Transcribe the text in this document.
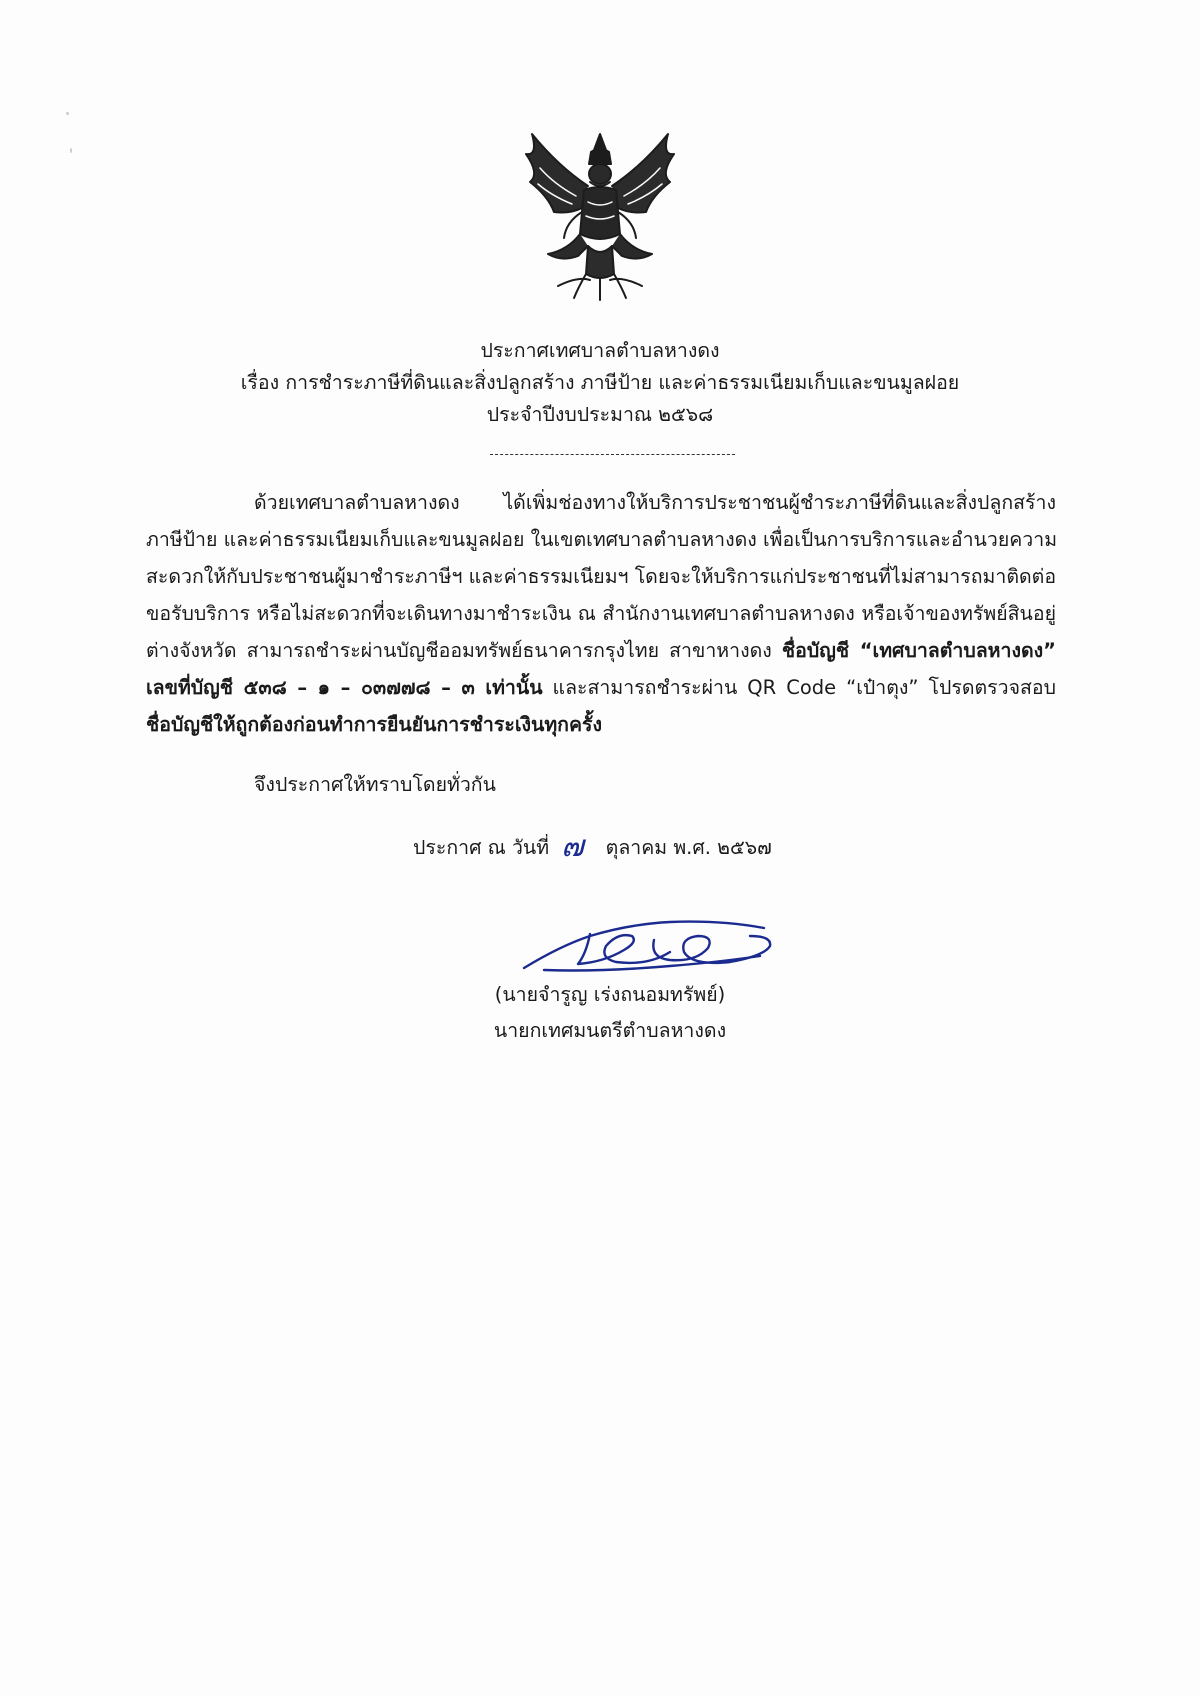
ประกาศเทศบาลตำบลหางดง
เรื่อง การชำระภาษีที่ดินและสิ่งปลูกสร้าง ภาษีป้าย และค่าธรรมเนียมเก็บและขนมูลฝอย
ประจำปีงบประมาณ ๒๕๖๘
ด้วยเทศบาลตำบลหางดง ได้เพิ่มช่องทางให้บริการประชาชนผู้ชำระภาษีที่ดินและสิ่งปลูกสร้าง
ภาษีป้าย และค่าธรรมเนียมเก็บและขนมูลฝอย ในเขตเทศบาลตำบลหางดง เพื่อเป็นการบริการและอำนวยความ
สะดวกให้กับประชาชนผู้มาชำระภาษีฯ และค่าธรรมเนียมฯ โดยจะให้บริการแก่ประชาชนที่ไม่สามารถมาติดต่อ
ขอรับบริการ หรือไม่สะดวกที่จะเดินทางมาชำระเงิน ณ สำนักงานเทศบาลตำบลหางดง หรือเจ้าของทรัพย์สินอยู่
ต่างจังหวัด สามารถชำระผ่านบัญชีออมทรัพย์ธนาคารกรุงไทย สาขาหางดง ชื่อบัญชี “เทศบาลตำบลหางดง”
เลขที่บัญชี ๕๓๘ – ๑ – ๐๓๗๗๘ – ๓ เท่านั้น และสามารถชำระผ่าน QR Code “เป๋าตุง” โปรดตรวจสอบ
ชื่อบัญชีให้ถูกต้องก่อนทำการยืนยันการชำระเงินทุกครั้ง
จึงประกาศให้ทราบโดยทั่วกัน
ประกาศ ณ วันที่ ๗ ตุลาคม พ.ศ. ๒๕๖๗
(นายจำรูญ เร่งถนอมทรัพย์)
นายกเทศมนตรีตำบลหางดง
